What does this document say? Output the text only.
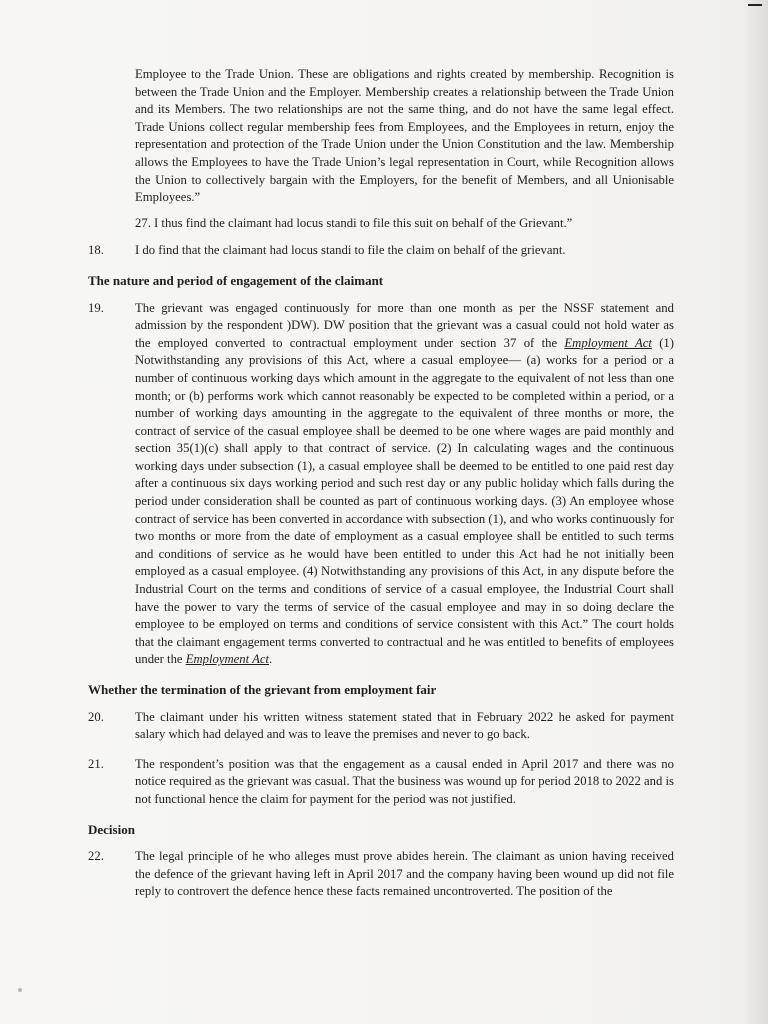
Employee to the Trade Union. These are obligations and rights created by membership. Recognition is between the Trade Union and the Employer. Membership creates a relationship between the Trade Union and its Members. The two relationships are not the same thing, and do not have the same legal effect. Trade Unions collect regular membership fees from Employees, and the Employees in return, enjoy the representation and protection of the Trade Union under the Union Constitution and the law. Membership allows the Employees to have the Trade Union’s legal representation in Court, while Recognition allows the Union to collectively bargain with the Employers, for the benefit of Members, and all Unionisable Employees.”
27. I thus find the claimant had locus standi to file this suit on behalf of the Grievant.”
18.	I do find that the claimant had locus standi to file the claim on behalf of the grievant.
The nature and period of engagement of the claimant
19.	The grievant was engaged continuously for more than one month as per the NSSF statement and admission by the respondent )DW). DW position that the grievant was a casual could not hold water as the employed converted to contractual employment under section 37 of the Employment Act (1) Notwithstanding any provisions of this Act, where a casual employee— (a) works for a period or a number of continuous working days which amount in the aggregate to the equivalent of not less than one month; or (b) performs work which cannot reasonably be expected to be completed within a period, or a number of working days amounting in the aggregate to the equivalent of three months or more, the contract of service of the casual employee shall be deemed to be one where wages are paid monthly and section 35(1)(c) shall apply to that contract of service. (2) In calculating wages and the continuous working days under subsection (1), a casual employee shall be deemed to be entitled to one paid rest day after a continuous six days working period and such rest day or any public holiday which falls during the period under consideration shall be counted as part of continuous working days. (3) An employee whose contract of service has been converted in accordance with subsection (1), and who works continuously for two months or more from the date of employment as a casual employee shall be entitled to such terms and conditions of service as he would have been entitled to under this Act had he not initially been employed as a casual employee. (4) Notwithstanding any provisions of this Act, in any dispute before the Industrial Court on the terms and conditions of service of a casual employee, the Industrial Court shall have the power to vary the terms of service of the casual employee and may in so doing declare the employee to be employed on terms and conditions of service consistent with this Act.” The court holds that the claimant engagement terms converted to contractual and he was entitled to benefits of employees under the Employment Act.
Whether the termination of the grievant from employment fair
20.	The claimant under his written witness statement stated that in February 2022 he asked for payment salary which had delayed and was to leave the premises and never to go back.
21.	The respondent’s position was that the engagement as a causal ended in April 2017 and there was no notice required as the grievant was casual. That the business was wound up for period 2018 to 2022 and is not functional hence the claim for payment for the period was not justified.
Decision
22.	The legal principle of he who alleges must prove abides herein. The claimant as union having received the defence of the grievant having left in April 2017 and the company having been wound up did not file reply to controvert the defence hence these facts remained uncontroverted. The position of the
